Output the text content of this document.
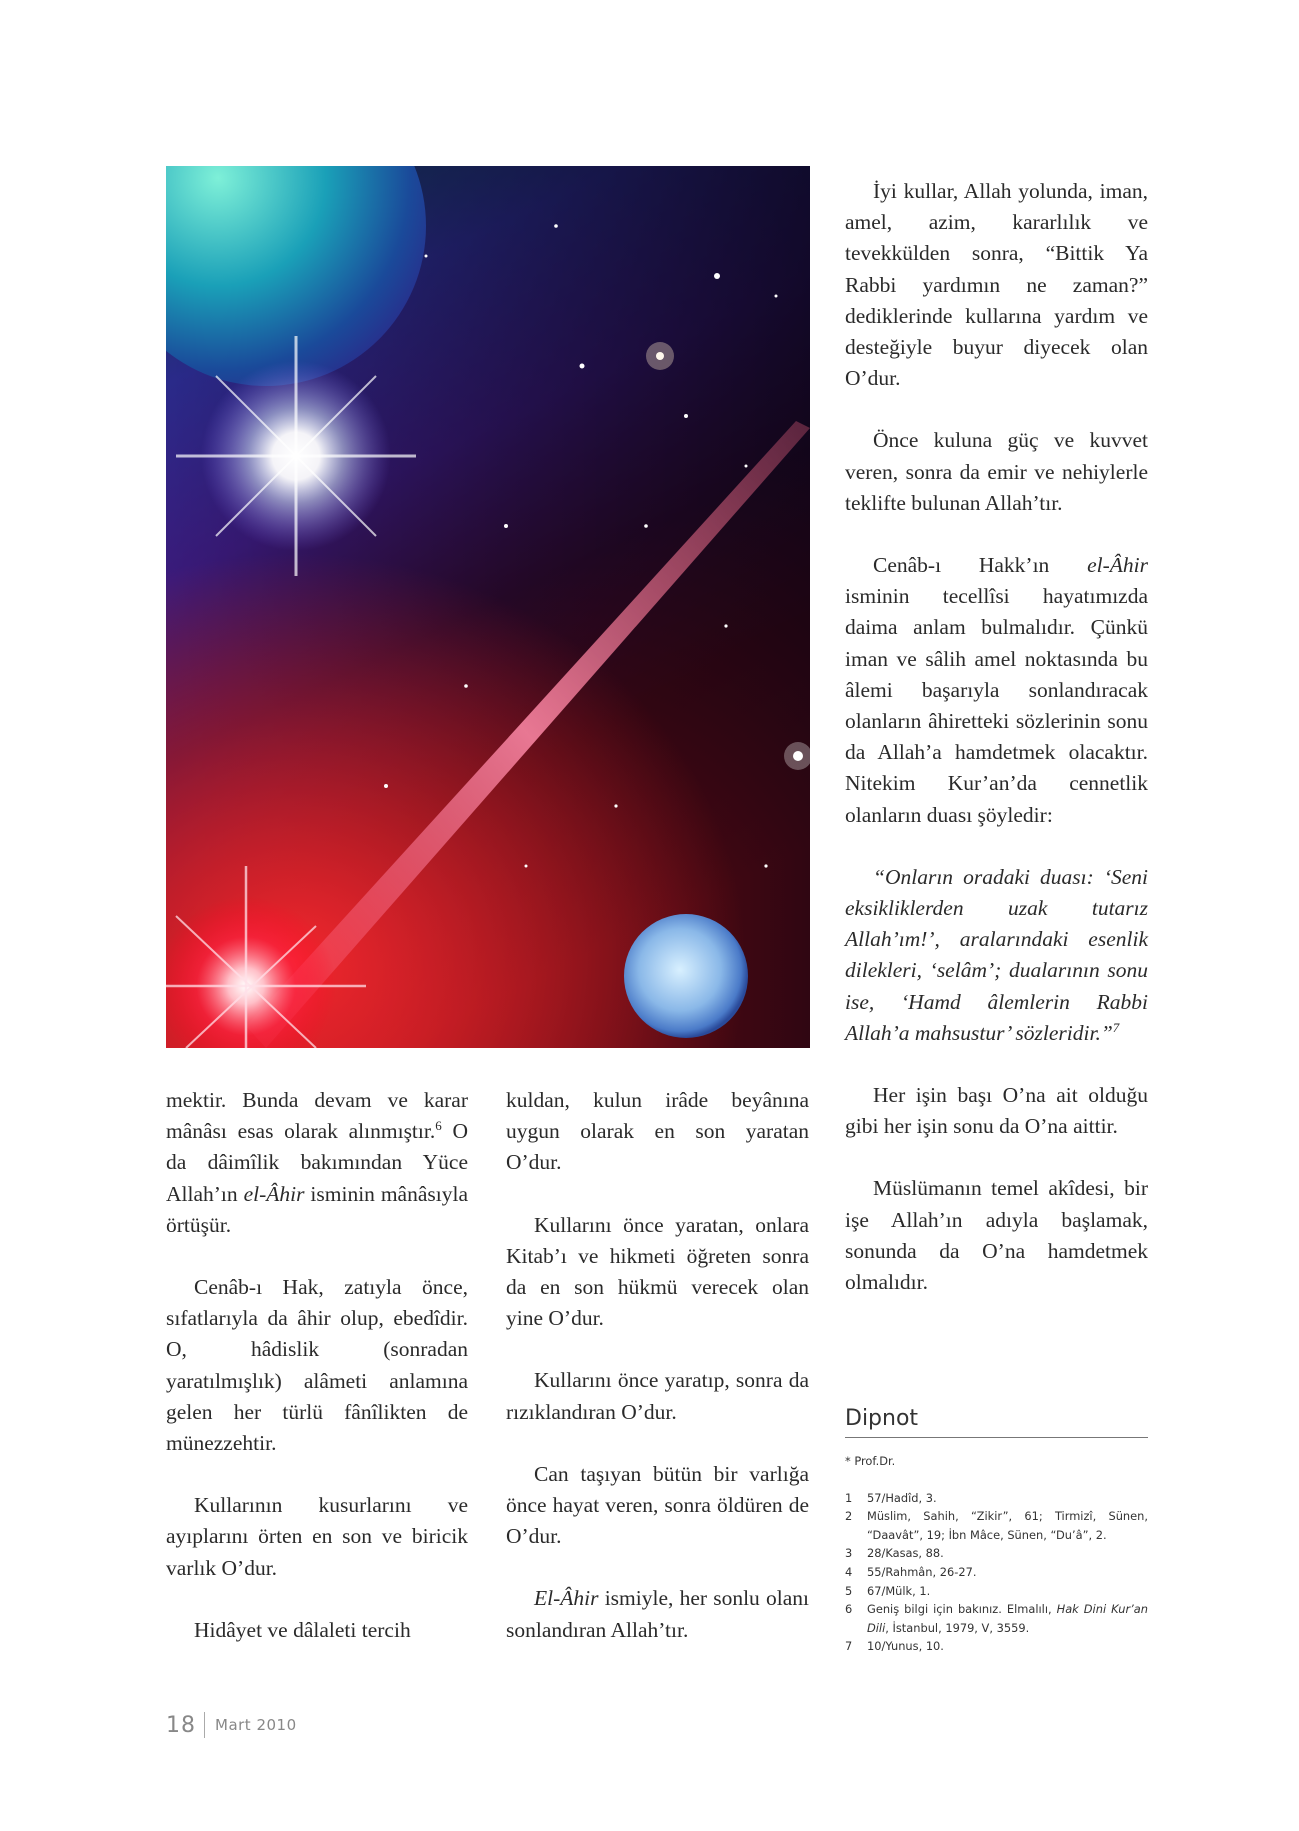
İyi kullar, Allah yolunda, iman, amel, azim, kararlılık ve tevekkülden sonra, “Bittik Ya Rabbi yardımın ne zaman?” dediklerinde kullarına yardım ve desteğiyle buyur diyecek olan O’dur.

Önce kuluna güç ve kuvvet veren, sonra da emir ve nehiylerle teklifte bulunan Allah’tır.

Cenâb-ı Hakk’ın el-Âhir isminin tecellîsi hayatımızda daima anlam bulmalıdır. Çünkü iman ve sâlih amel noktasında bu âlemi başarıyla sonlandıracak olanların âhiretteki sözlerinin sonu da Allah’a hamdetmek olacaktır. Nitekim Kur’an’da cennetlik olanların duası şöyledir:

“Onların oradaki duası: ‘Seni eksikliklerden uzak tutarız Allah’ım!’, aralarındaki esenlik dilekleri, ‘selâm’; dualarının sonu ise, ‘Hamd âlemlerin Rabbi Allah’a mahsustur’ sözleridir.”$^7$

Her işin başı O’na ait olduğu gibi her işin sonu da O’na aittir.

Müslümanın temel akîdesi, bir işe Allah’ın adıyla başlamak, sonunda da O’na hamdetmek olmalıdır.

mektir. Bunda devam ve karar mânâsı esas olarak alınmıştır.$^6$ O da dâimîlik bakımından Yüce Allah’ın el-Âhir isminin mânâsıyla örtüşür.

Cenâb-ı Hak, zatıyla önce, sıfatlarıyla da âhir olup, ebedîdir. O, hâdislik (sonradan yaratılmışlık) alâmeti anlamına gelen her türlü fânîlikten de münezzehtir.

Kullarının kusurlarını ve ayıplarını örten en son ve biricik varlık O’dur.

Hidâyet ve dâlaleti tercih

kuldan, kulun irâde beyânına uygun olarak en son yaratan O’dur.

Kullarını önce yaratan, onlara Kitab’ı ve hikmeti öğreten sonra da en son hükmü verecek olan yine O’dur.

Kullarını önce yaratıp, sonra da rızıklandıran O’dur.

Can taşıyan bütün bir varlığa önce hayat veren, sonra öldüren de O’dur.

El-Âhir ismiyle, her sonlu olanı sonlandıran Allah’tır.

Dipnot
* Prof.Dr.
1	57/Hadîd, 3.
2	Müslim, Sahih, “Zikir”, 61; Tirmizî, Sünen, “Daavât”, 19; İbn Mâce, Sünen, “Du’â”, 2.
3	28/Kasas, 88.
4	55/Rahmân, 26-27.
5	67/Mülk, 1.
6	Geniş bilgi için bakınız. Elmalılı, Hak Dini Kur’an Dili, İstanbul, 1979, V, 3559.
7	10/Yunus, 10.
18 Mart 2010
